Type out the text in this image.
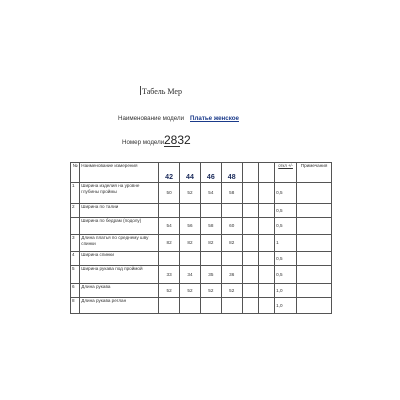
Табель Мер
Наименование модели Платье женское
Номер модели 2832
№	Наименование измерения	42	44	46	48			откл +/-	Примечания
1	Ширина изделия на уровне глубины проймы	50	52	54	58			0,5	
2	Ширина по талии							0,5	
	Ширина по бедрам (подолу)	54	56	58	60			0,5	
3	Длина платья по среднему шву спинки	82	82	82	82			1	
4	Ширина спинки							0,5	
5	Ширина рукава под проймой	33	34	35	36			0,5	
6	Длина рукава	52	52	52	52			1,0	
8	Длина рукава реглан							1,0	
